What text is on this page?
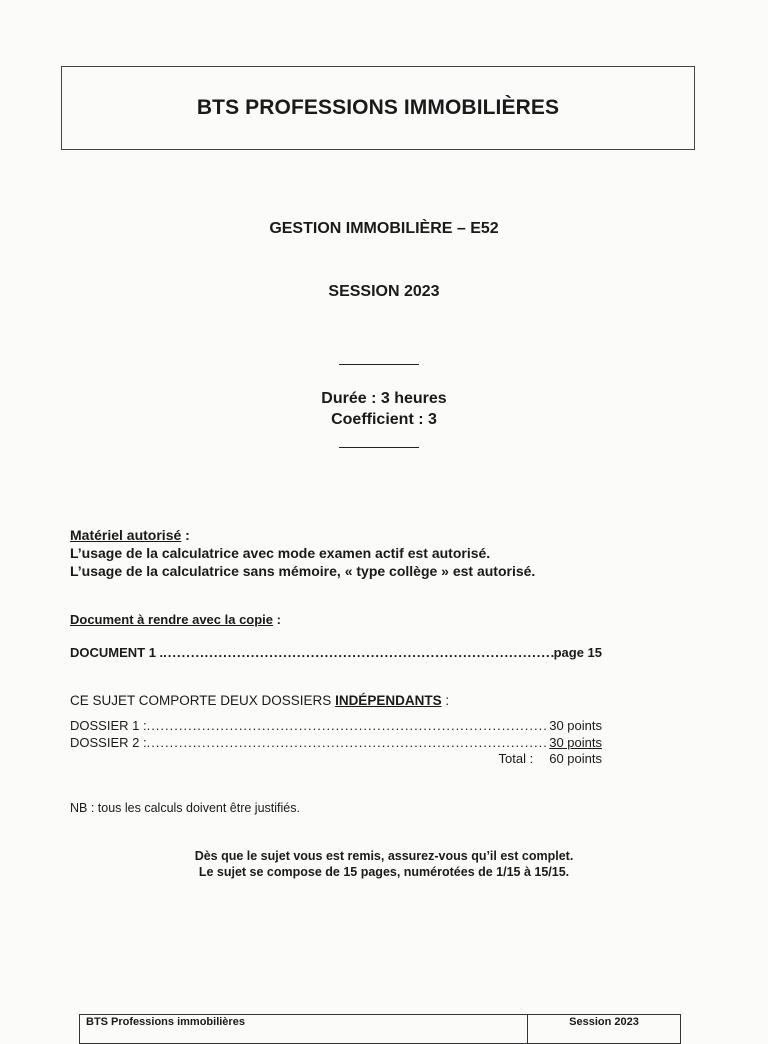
BTS PROFESSIONS IMMOBILIÈRES
GESTION IMMOBILIÈRE – E52
SESSION 2023
Durée : 3 heures
Coefficient : 3
Matériel autorisé :
L’usage de la calculatrice avec mode examen actif est autorisé.
L’usage de la calculatrice sans mémoire, « type collège » est autorisé.
Document à rendre avec la copie :
DOCUMENT 1 . .....	page 15
CE SUJET COMPORTE DEUX DOSSIERS INDÉPENDANTS :
DOSSIER 1 : .....	30 points
DOSSIER 2 : .....	30 points
Total : 60 points
NB : tous les calculs doivent être justifiés.
Dès que le sujet vous est remis, assurez-vous qu’il est complet.
Le sujet se compose de 15 pages, numérotées de 1/15 à 15/15.
BTS Professions immobilières	Session 2023
